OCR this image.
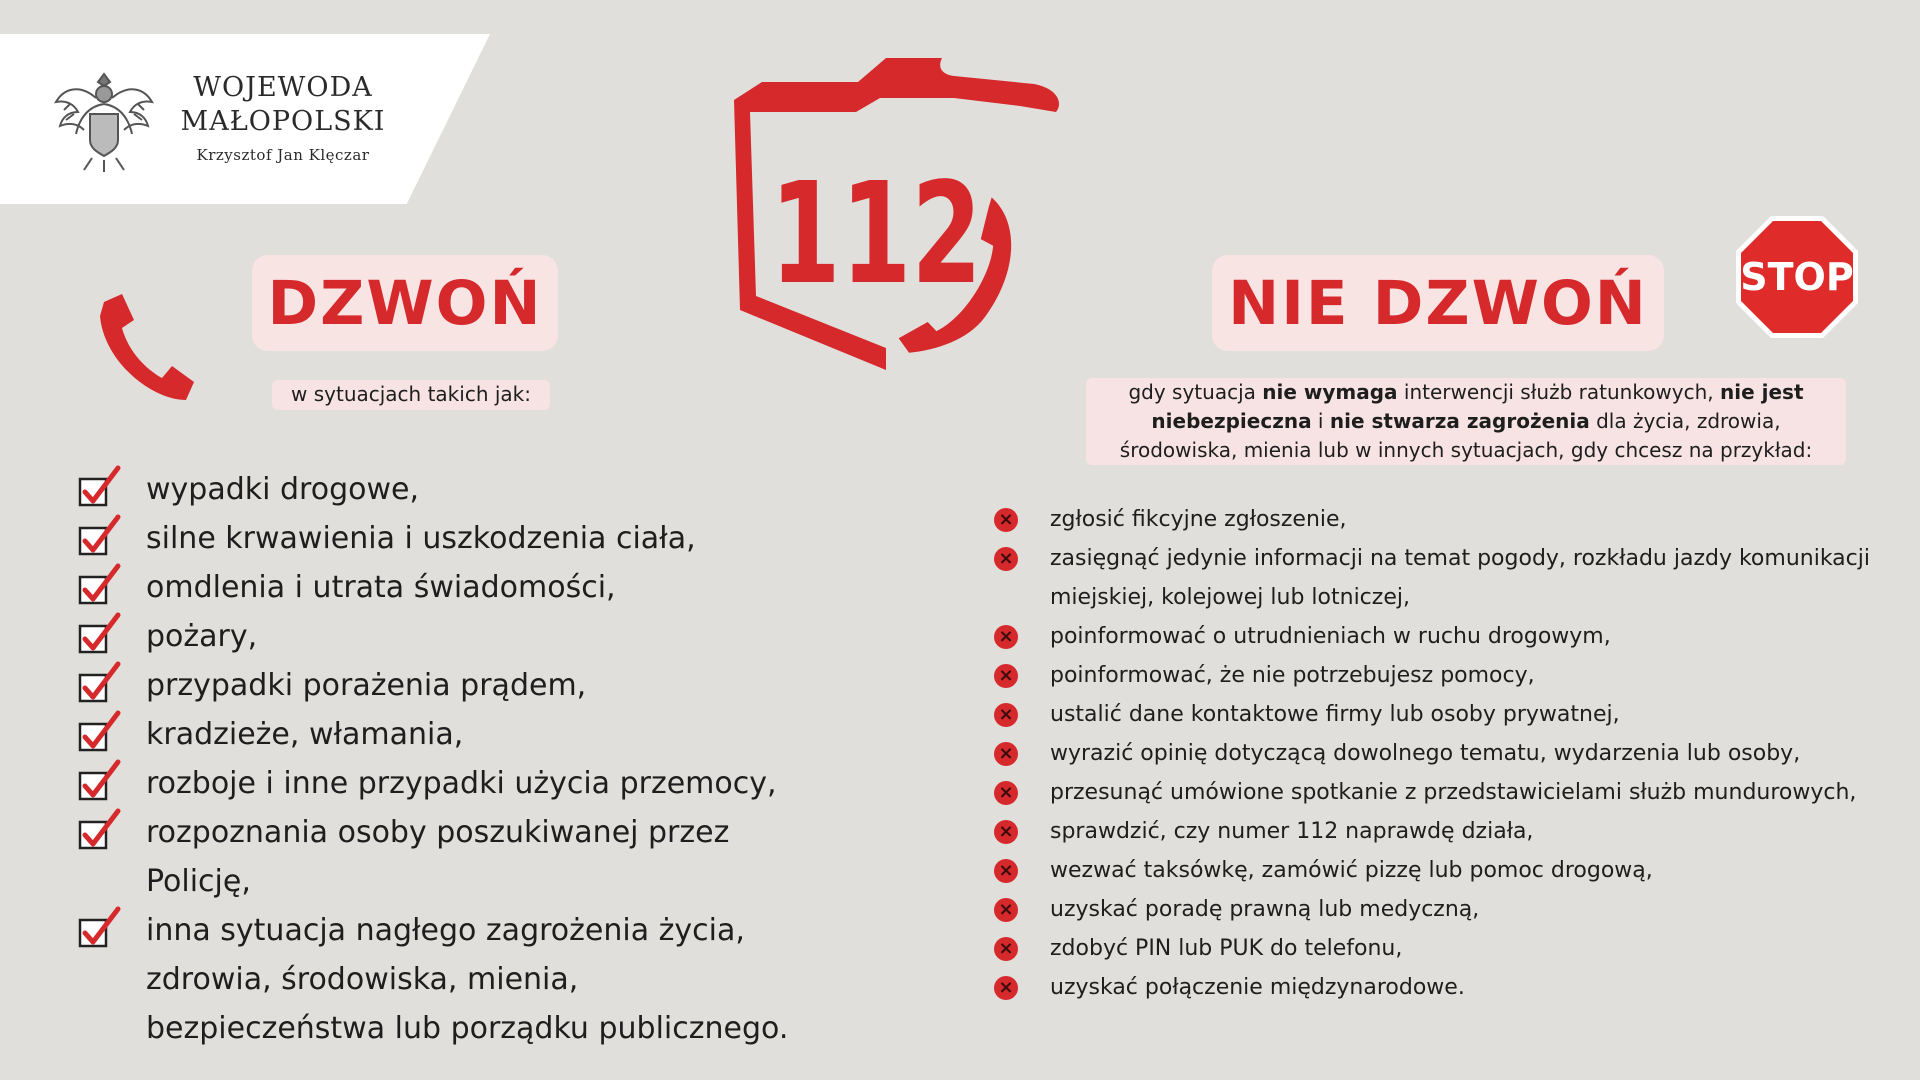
WOJEWODA
MAŁOPOLSKI
Krzysztof Jan Klęczar	112	STOP
DZWOŃ	NIE DZWOŃ
w sytuacjach takich jak:	gdy sytuacja nie wymaga interwencji służb ratunkowych, nie jest
niebezpieczna i nie stwarza zagrożenia dla życia, zdrowia,
środowiska, mienia lub w innych sytuacjach, gdy chcesz na przykład:
wypadki drogowe,
silne krwawienia i uszkodzenia ciała,
omdlenia i utrata świadomości,
pożary,
przypadki porażenia prądem,
kradzieże, włamania,
rozboje i inne przypadki użycia przemocy,
rozpoznania osoby poszukiwanej przez Policję,
inna sytuacja nagłego zagrożenia życia, zdrowia, środowiska, mienia, bezpieczeństwa lub porządku publicznego.
× zgłosić fikcyjne zgłoszenie,
× zasięgnąć jedynie informacji na temat pogody, rozkładu jazdy komunikacji miejskiej, kolejowej lub lotniczej,
× poinformować o utrudnieniach w ruchu drogowym,
× poinformować, że nie potrzebujesz pomocy,
× ustalić dane kontaktowe firmy lub osoby prywatnej,
× wyrazić opinię dotyczącą dowolnego tematu, wydarzenia lub osoby,
× przesunąć umówione spotkanie z przedstawicielami służb mundurowych,
× sprawdzić, czy numer 112 naprawdę działa,
× wezwać taksówkę, zamówić pizzę lub pomoc drogową,
× uzyskać poradę prawną lub medyczną,
× zdobyć PIN lub PUK do telefonu,
× uzyskać połączenie międzynarodowe.
